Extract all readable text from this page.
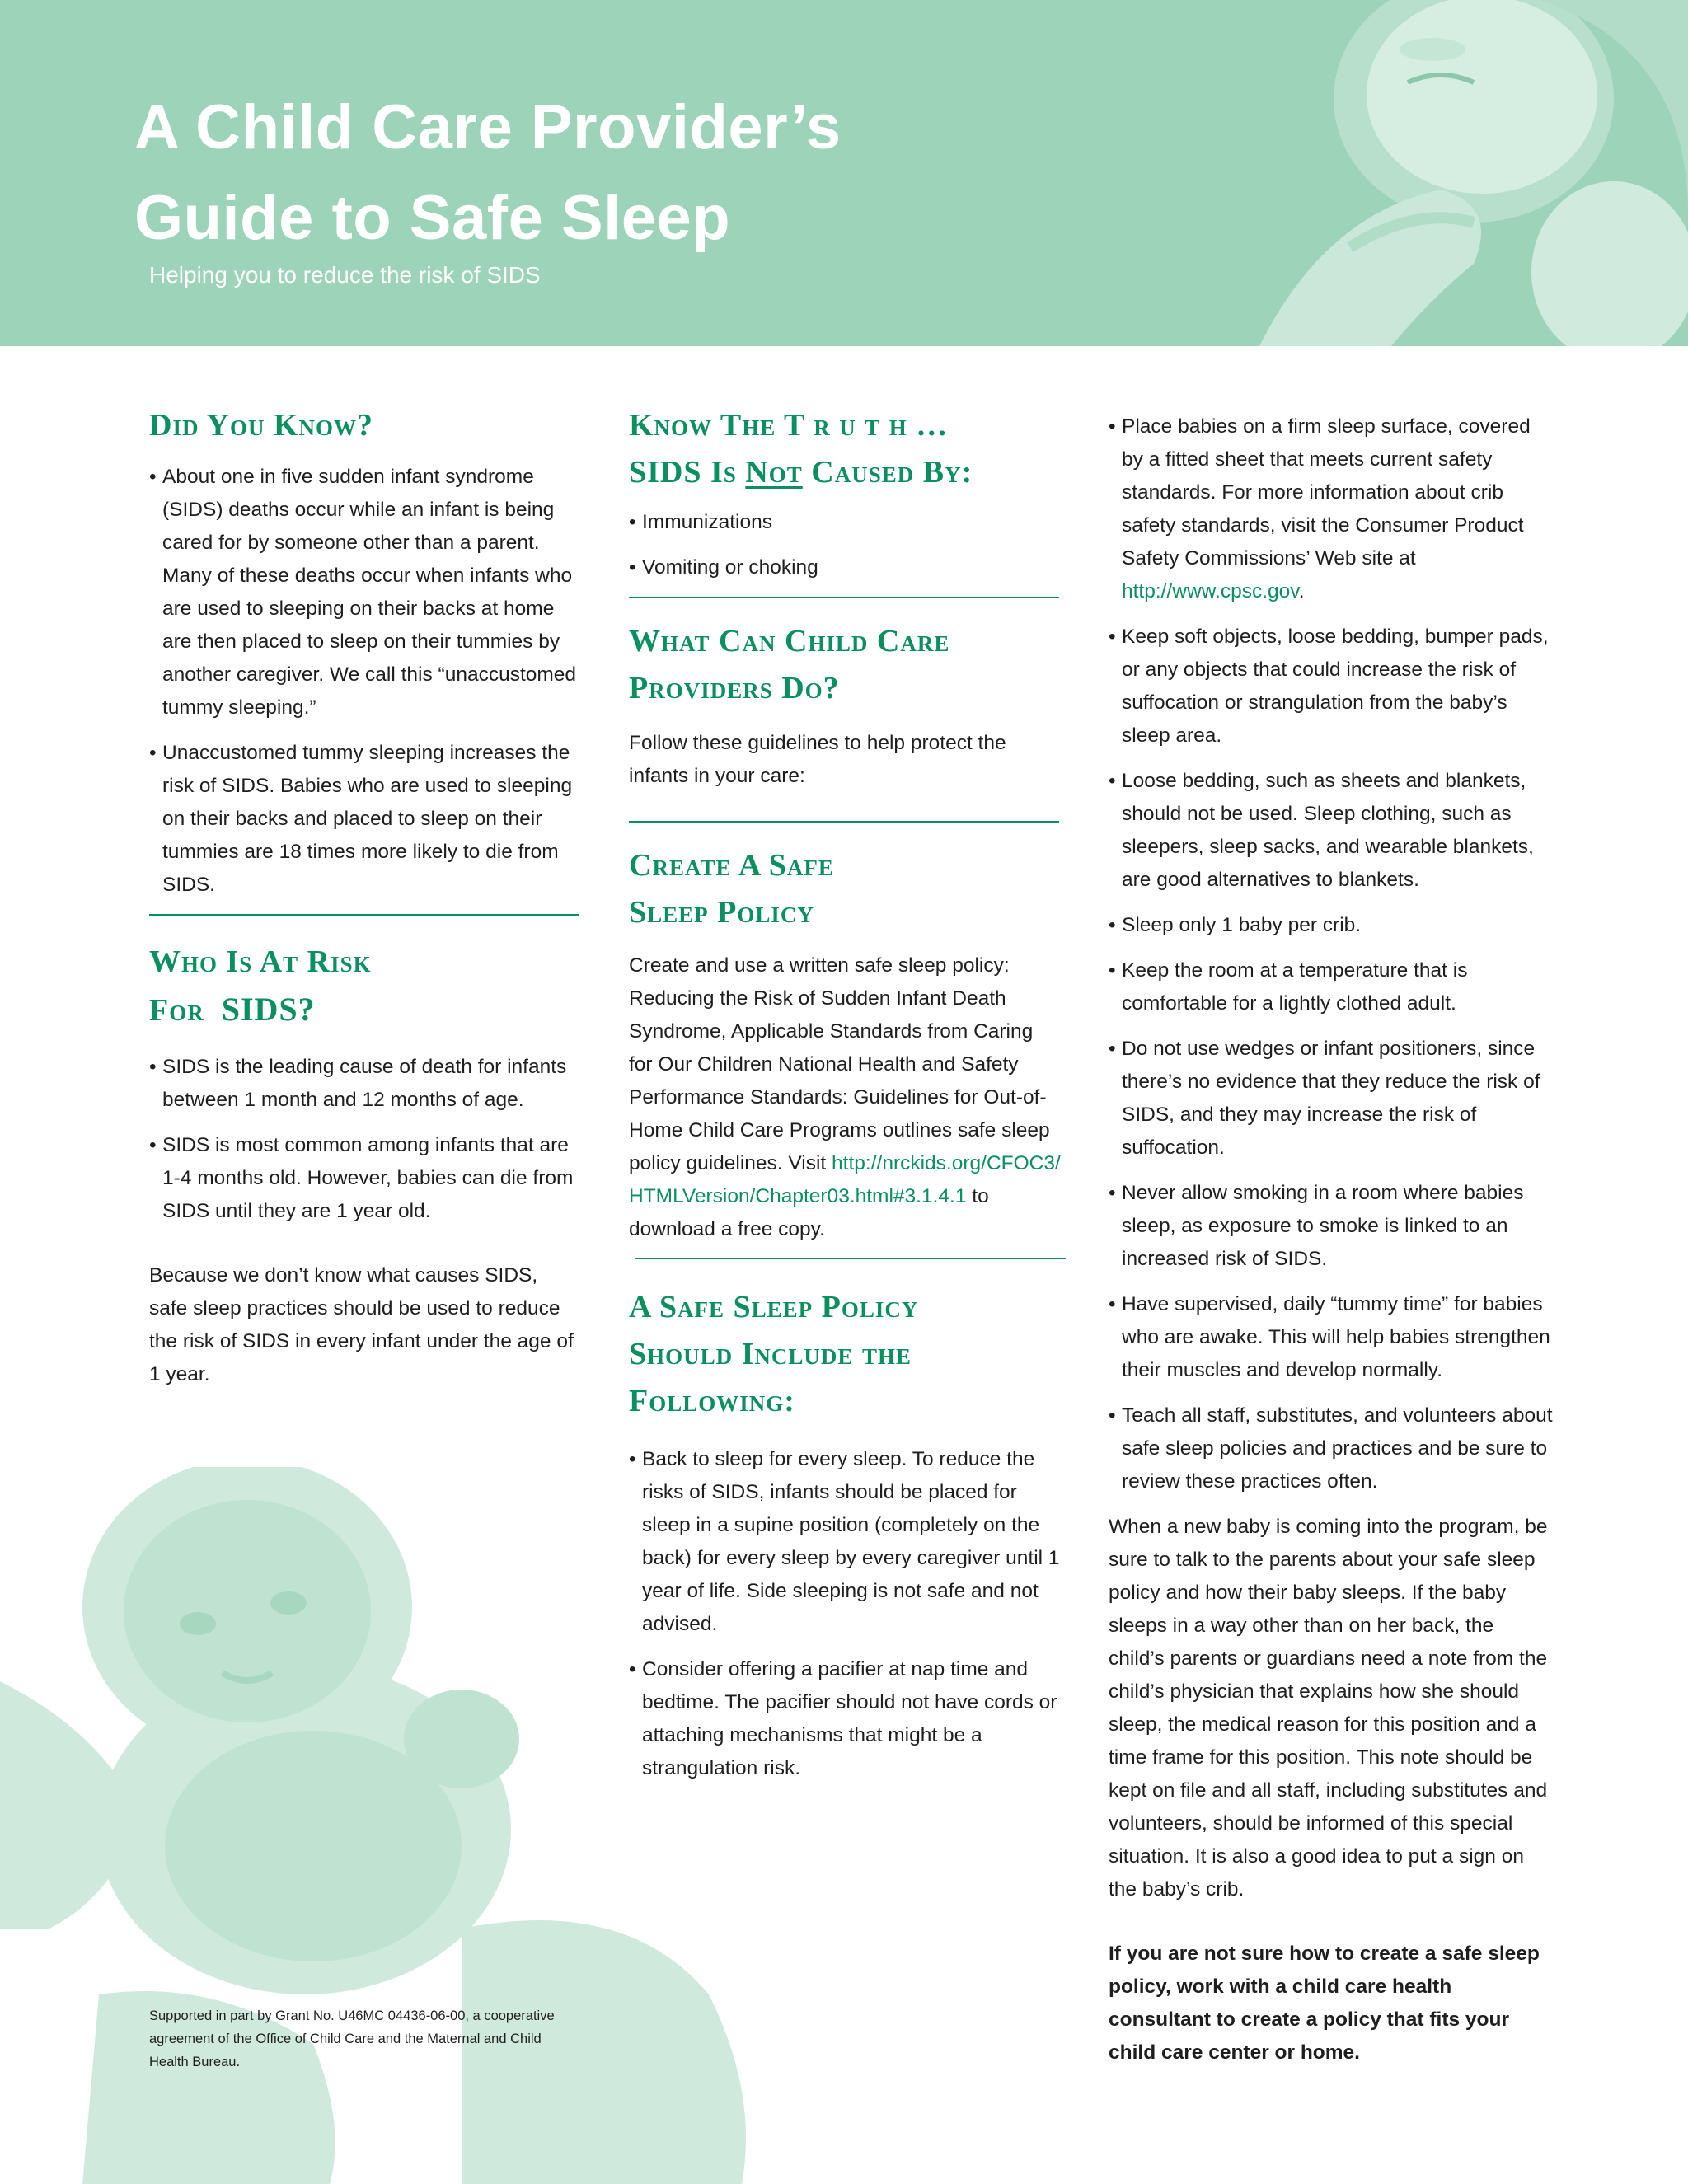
A Child Care Provider’s
Guide to Safe Sleep

Helping you to reduce the risk of SIDS

Did You Know?
• About one in five sudden infant syndrome (SIDS) deaths occur while an infant is being cared for by someone other than a parent. Many of these deaths occur when infants who are used to sleeping on their backs at home are then placed to sleep on their tummies by another caregiver. We call this “unaccustomed tummy sleeping.”
• Unaccustomed tummy sleeping increases the risk of SIDS. Babies who are used to sleeping on their backs and placed to sleep on their tummies are 18 times more likely to die from SIDS.
Who Is At Risk
For SIDS?
• SIDS is the leading cause of death for infants between 1 month and 12 months of age.
• SIDS is most common among infants that are 1-4 months old. However, babies can die from SIDS until they are 1 year old.

Because we don’t know what causes SIDS, safe sleep practices should be used to reduce the risk of SIDS in every infant under the age of 1 year.

Supported in part by Grant No. U46MC 04436-06-00, a cooperative agreement of the Office of Child Care and the Maternal and Child Health Bureau.

Know The T r u t h …
SIDS Is Not Caused By:
• Immunizations
• Vomiting or choking
What Can Child Care
Providers Do?

Follow these guidelines to help protect the infants in your care:

Create A Safe
Sleep Policy

Create and use a written safe sleep policy: Reducing the Risk of Sudden Infant Death Syndrome, Applicable Standards from Caring for Our Children National Health and Safety Performance Standards: Guidelines for Out-of-Home Child Care Programs outlines safe sleep policy guidelines. Visit http://nrckids.org/CFOC3/HTMLVersion/Chapter03.html#3.1.4.1 to download a free copy.

A Safe Sleep Policy
Should Include the
Following:
• Back to sleep for every sleep. To reduce the risks of SIDS, infants should be placed for sleep in a supine position (completely on the back) for every sleep by every caregiver until 1 year of life. Side sleeping is not safe and not advised.
• Consider offering a pacifier at nap time and bedtime. The pacifier should not have cords or attaching mechanisms that might be a strangulation risk.
• Place babies on a firm sleep surface, covered by a fitted sheet that meets current safety standards. For more information about crib safety standards, visit the Consumer Product Safety Commissions’ Web site at http://www.cpsc.gov.
• Keep soft objects, loose bedding, bumper pads, or any objects that could increase the risk of suffocation or strangulation from the baby’s sleep area.
• Loose bedding, such as sheets and blankets, should not be used. Sleep clothing, such as sleepers, sleep sacks, and wearable blankets, are good alternatives to blankets.
• Sleep only 1 baby per crib.
• Keep the room at a temperature that is comfortable for a lightly clothed adult.
• Do not use wedges or infant positioners, since there’s no evidence that they reduce the risk of SIDS, and they may increase the risk of suffocation.
• Never allow smoking in a room where babies sleep, as exposure to smoke is linked to an increased risk of SIDS.
• Have supervised, daily “tummy time” for babies who are awake. This will help babies strengthen their muscles and develop normally.
• Teach all staff, substitutes, and volunteers about safe sleep policies and practices and be sure to review these practices often.

When a new baby is coming into the program, be sure to talk to the parents about your safe sleep policy and how their baby sleeps. If the baby sleeps in a way other than on her back, the child’s parents or guardians need a note from the child’s physician that explains how she should sleep, the medical reason for this position and a time frame for this position. This note should be kept on file and all staff, including substitutes and volunteers, should be informed of this special situation. It is also a good idea to put a sign on the baby’s crib.

If you are not sure how to create a safe sleep policy, work with a child care health consultant to create a policy that fits your child care center or home.
